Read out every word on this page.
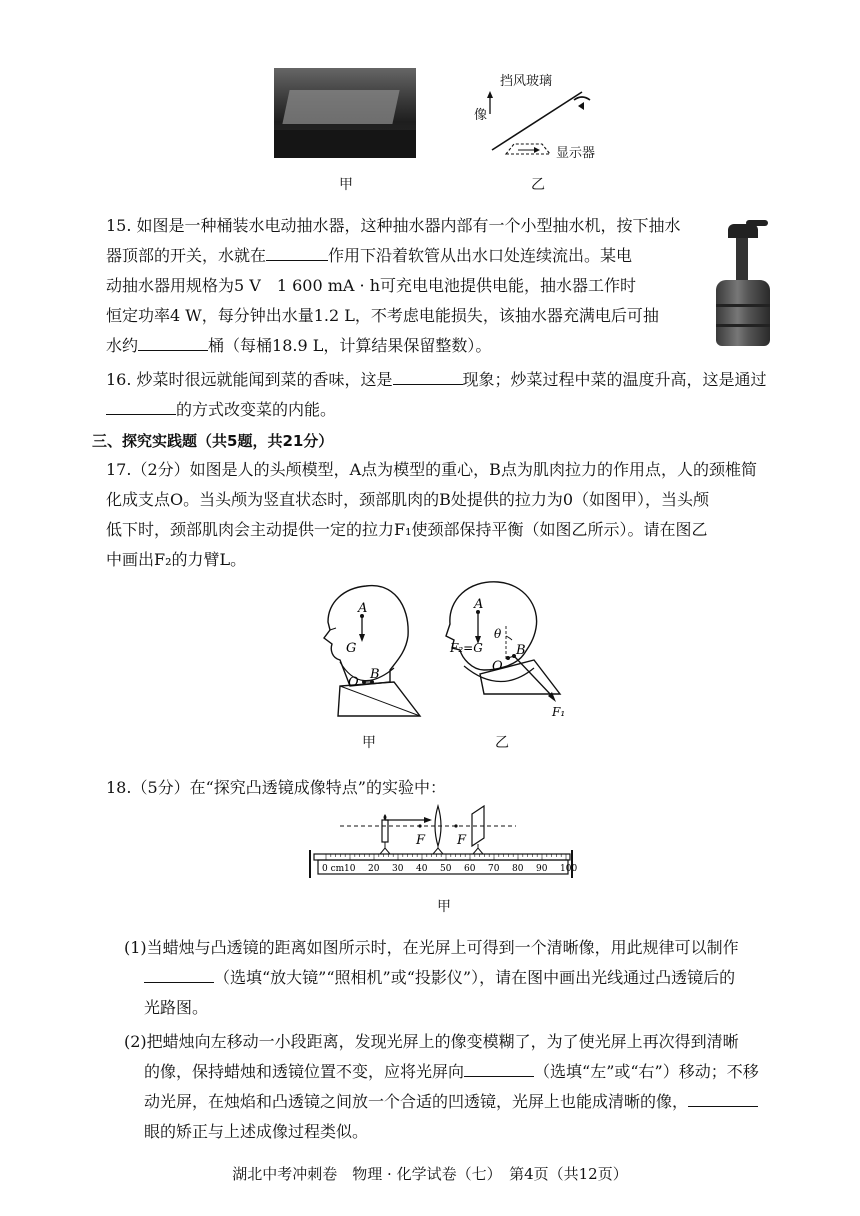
甲
挡风玻璃
像
显示器
乙
15. 如图是一种桶装水电动抽水器，这种抽水器内部有一个小型抽水机，按下抽水
器顶部的开关，水就在	作用下沿着软管从出水口处连续流出。某电
动抽水器用规格为5 V　1 600 mA · h可充电电池提供电能，抽水器工作时
恒定功率4 W，每分钟出水量1.2 L，不考虑电能损失，该抽水器充满电后可抽
水约	桶（每桶18.9 L，计算结果保留整数）。
16. 炒菜时很远就能闻到菜的香味，这是	现象；炒菜过程中菜的温度升高，这是通过
的方式改变菜的内能。
三、探究实践题（共5题，共21分）
17.（2分）如图是人的头颅模型，A点为模型的重心，B点为肌肉拉力的作用点，人的颈椎简
化成支点O。当头颅为竖直状态时，颈部肌肉的B处提供的拉力为0（如图甲），当头颅
低下时，颈部肌肉会主动提供一定的拉力F₁使颈部保持平衡（如图乙所示）。请在图乙
中画出F₂的力臂L。
A
G
O
B
甲
A
F₂=G
θ
O
B
F₁
乙
18.（5分）在“探究凸透镜成像特点”的实验中：
F F
0 cm 10 20 30 40 50 60 70 80 90 100
甲
(1)当蜡烛与凸透镜的距离如图所示时，在光屏上可得到一个清晰像，用此规律可以制作
（选填“放大镜”“照相机”或“投影仪”），请在图中画出光线通过凸透镜后的
光路图。
(2)把蜡烛向左移动一小段距离，发现光屏上的像变模糊了，为了使光屏上再次得到清晰
的像，保持蜡烛和透镜位置不变，应将光屏向	（选填“左”或“右”）移动；不移
动光屏，在烛焰和凸透镜之间放一个合适的凹透镜，光屏上也能成清晰的像，
眼的矫正与上述成像过程类似。
湖北中考冲刺卷　物理 · 化学试卷（七）　第4页（共12页）
